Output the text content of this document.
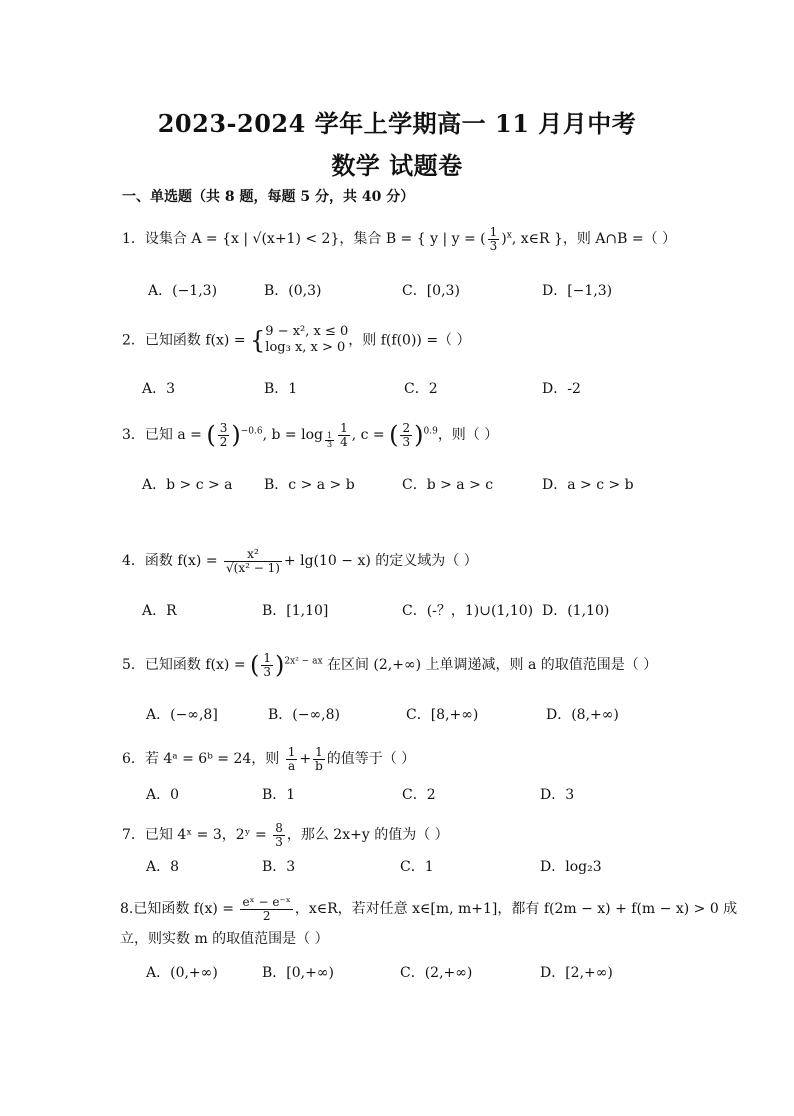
2023-2024 学年上学期高一 11 月月中考
数学 试题卷
一、单选题（共 8 题，每题 5 分，共 40 分）
1．设集合 A = {x | √(x+1) < 2}，集合 B = { y | y = ( $\frac{1}{3} )^x$, x∈R }，则 A∩B =（ ）
A．(−1,3)	B．(0,3)	C．[0,3)	D．[−1,3)
2．已知函数 f(x) = { 9 − x², x ≤ 0
log₃ x, x > 0 ，则 f(f(0)) =（ ）
A．3	B．1	C．2	D．-2
3．已知 a = ( $\frac{3}{2} )^{-0.6}$, $b = \log _{\frac{1}{3}} \frac{1}{4}$ , c = ( $\frac{2}{3} )^{0.9}$，则（ ）
A．b > c > a B．c > a > b	C．b > a > c	D．a > c > b
4．函数 $f(x) = \frac{\text{x²}}{\text{√(x² − 1)}} + \lg(10 - x)$ 的定义域为（ ）
A．R	B．[1,10]	C．(-？，1)∪(1,10) D．(1,10)
5．已知函数 f(x) = ( $\frac{1}{3} )^{2x^2 - ax}$ 在区间 (2,+∞) 上单调递减，则 a 的取值范围是（ ）
A．(−∞,8]	B．(−∞,8)	C．[8,+∞)	D．(8,+∞)
6．若 4ᵃ = 6ᵇ = 24，则 $\frac{1}{a} + \frac{1}{b}$ 的值等于（ ）
A．0	B．1	C．2	D．3
7．已知 4ˣ = 3，2ʸ = $\frac{8}{3}$ ，那么 2x+y 的值为（ ）
A．8	B．3	C．1	D．log₂3
8.已知函数 $f(x) = \frac{\text{eˣ − e⁻ˣ}}{2}$ ，x∈R，若对任意 x∈[m, m+1]，都有 f(2m − x) + f(m − x) > 0 成
立，则实数 m 的取值范围是（ ）
A．(0,+∞)	B．[0,+∞)	C．(2,+∞)	D．[2,+∞)
